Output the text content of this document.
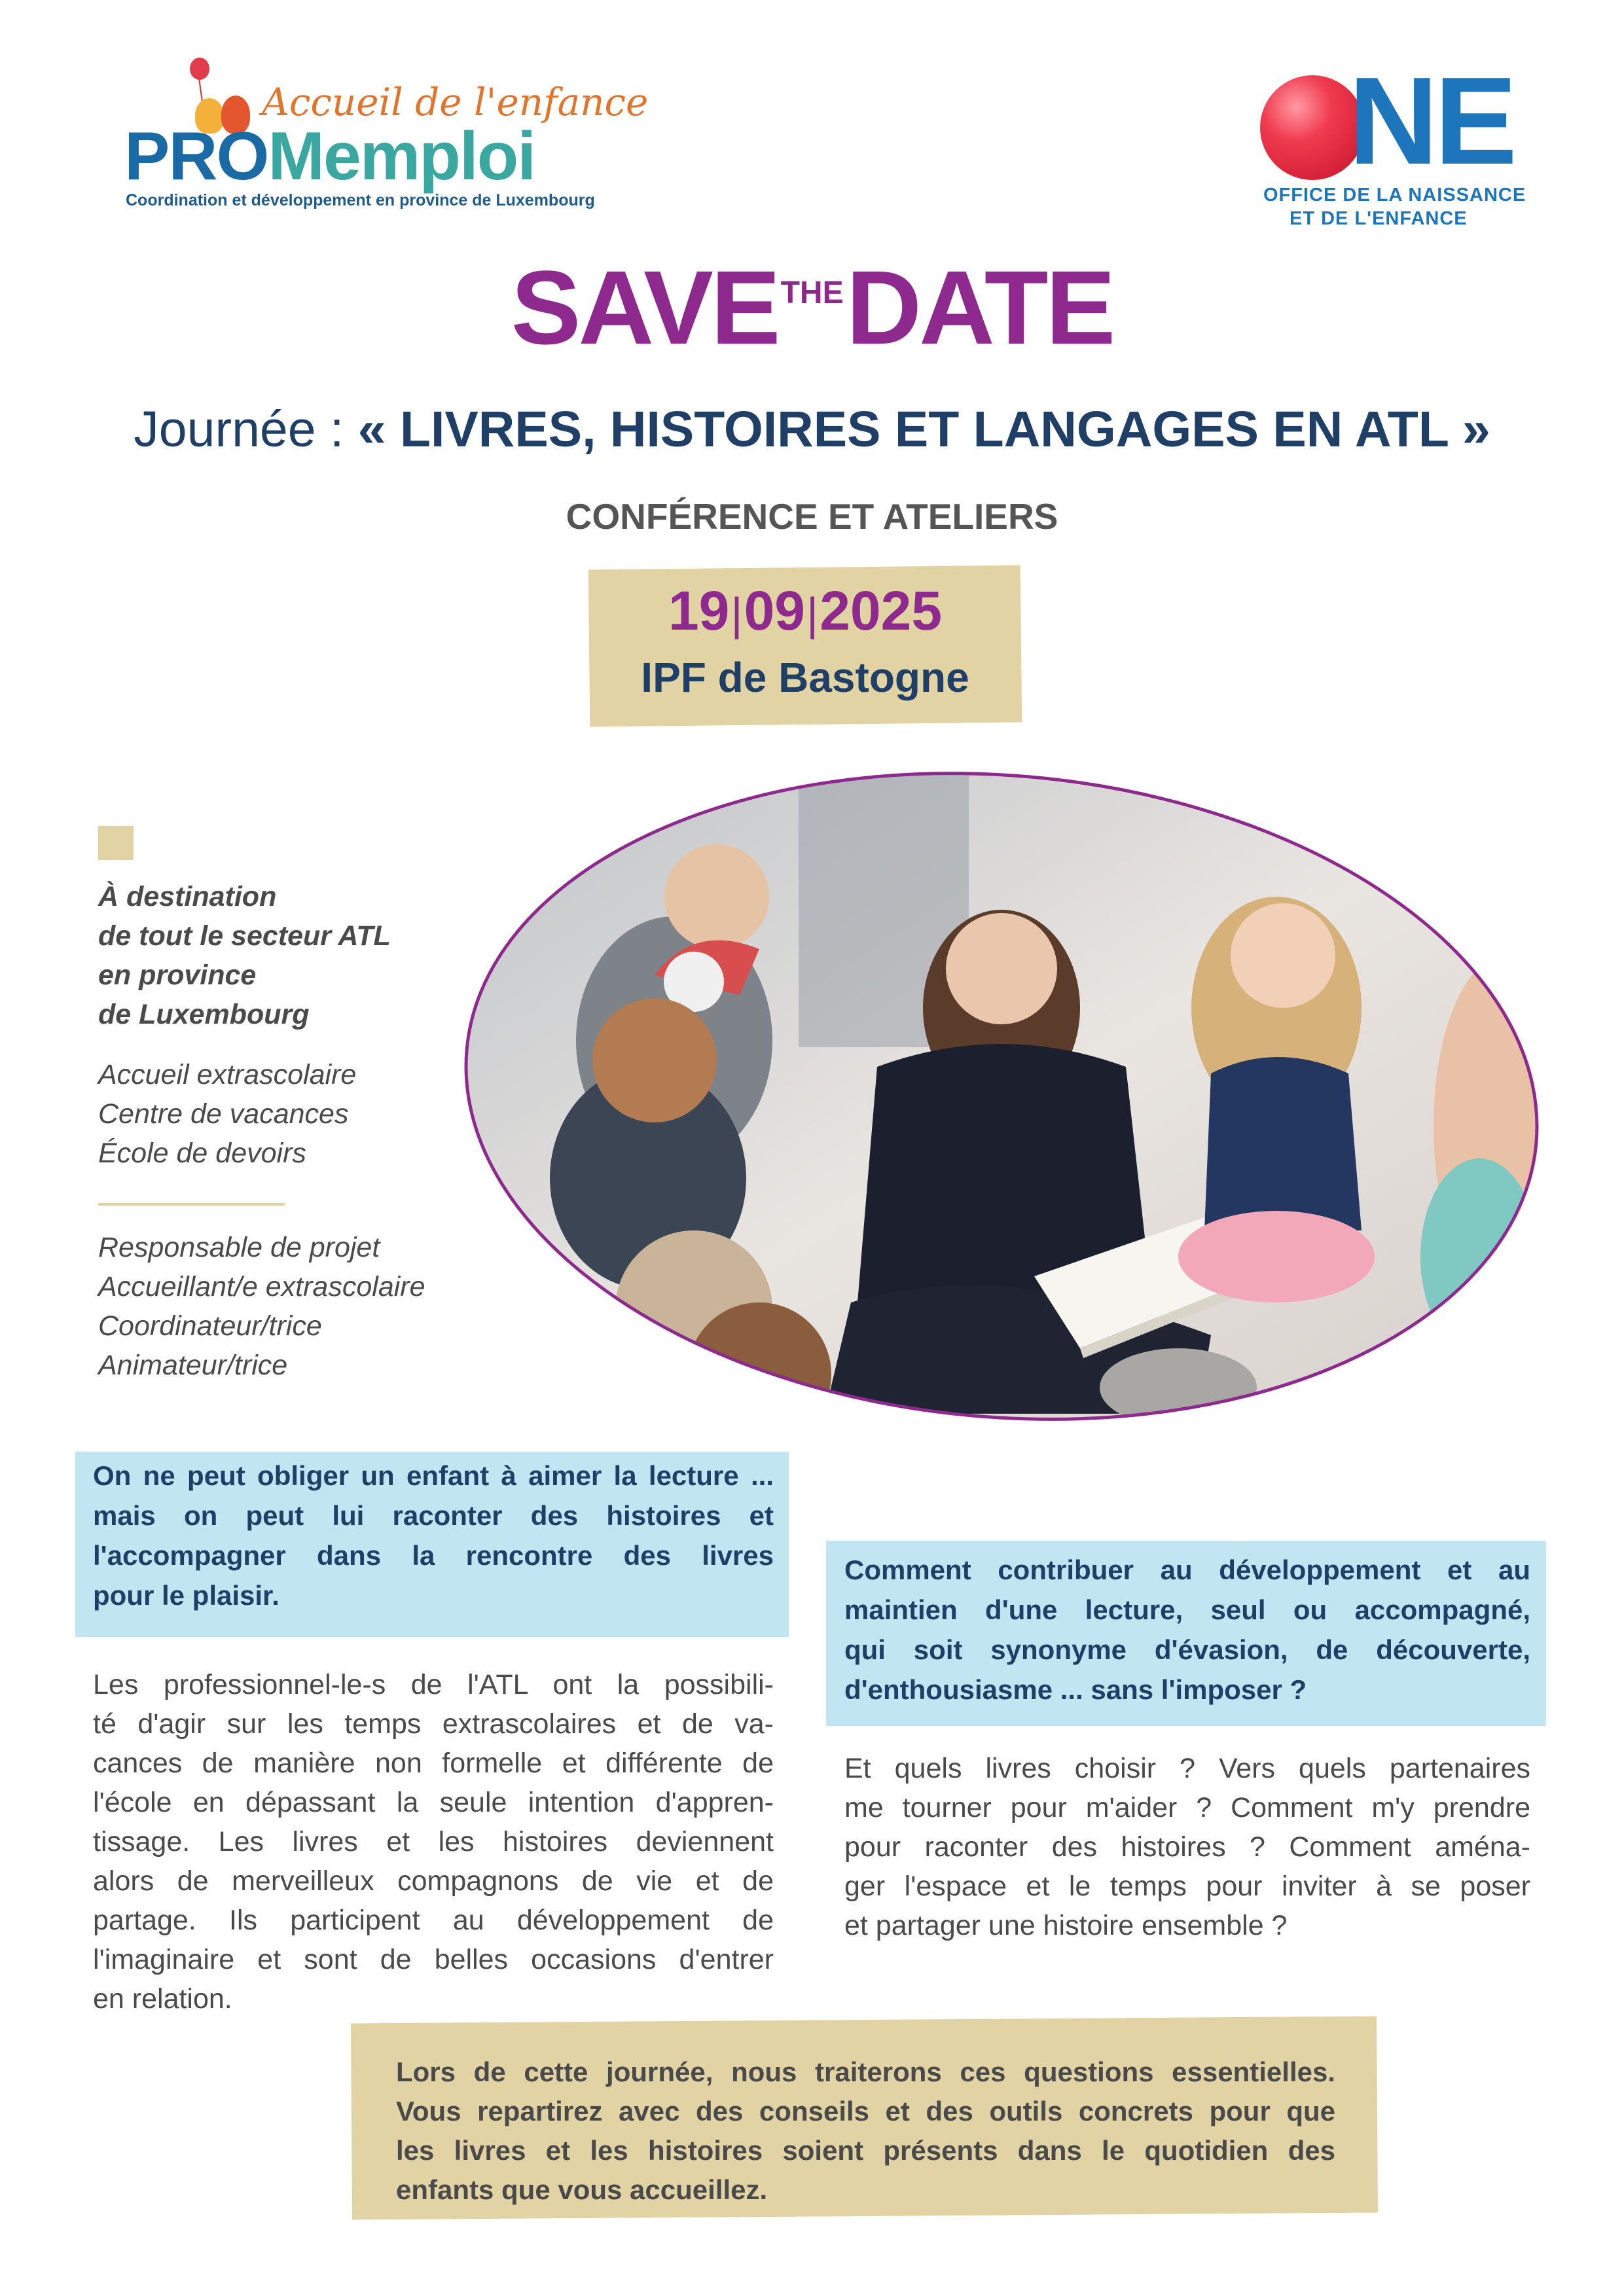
Accueil de l'enfance
PROMemploi
Coordination et développement en province de Luxembourg
NE
OFFICE DE LA NAISSANCE
ET DE L'ENFANCE
$SAVE^{THE}DATE$
Journée : « LIVRES, HISTOIRES ET LANGAGES EN ATL »
CONFÉRENCE ET ATELIERS
19|09|2025
IPF de Bastogne
À destination
de tout le secteur ATL
en province
de Luxembourg
Accueil extrascolaire
Centre de vacances
École de devoirs
Responsable de projet
Accueillant/e extrascolaire
Coordinateur/trice
Animateur/trice
On ne peut obliger un enfant à aimer la lecture ...
mais on peut lui raconter des histoires et
l'accompagner dans la rencontre des livres
pour le plaisir.
Les professionnel-le-s de l'ATL ont la possibili-
té d'agir sur les temps extrascolaires et de va-
cances de manière non formelle et différente de
l'école en dépassant la seule intention d'appren-
tissage. Les livres et les histoires deviennent
alors de merveilleux compagnons de vie et de
partage. Ils participent au développement de
l'imaginaire et sont de belles occasions d'entrer
en relation.
Comment contribuer au développement et au
maintien d'une lecture, seul ou accompagné,
qui soit synonyme d'évasion, de découverte,
d'enthousiasme ... sans l'imposer ?
Et quels livres choisir ? Vers quels partenaires
me tourner pour m'aider ? Comment m'y prendre
pour raconter des histoires ? Comment aména-
ger l'espace et le temps pour inviter à se poser
et partager une histoire ensemble ?
Lors de cette journée, nous traiterons ces questions essentielles.
Vous repartirez avec des conseils et des outils concrets pour que
les livres et les histoires soient présents dans le quotidien des
enfants que vous accueillez.
